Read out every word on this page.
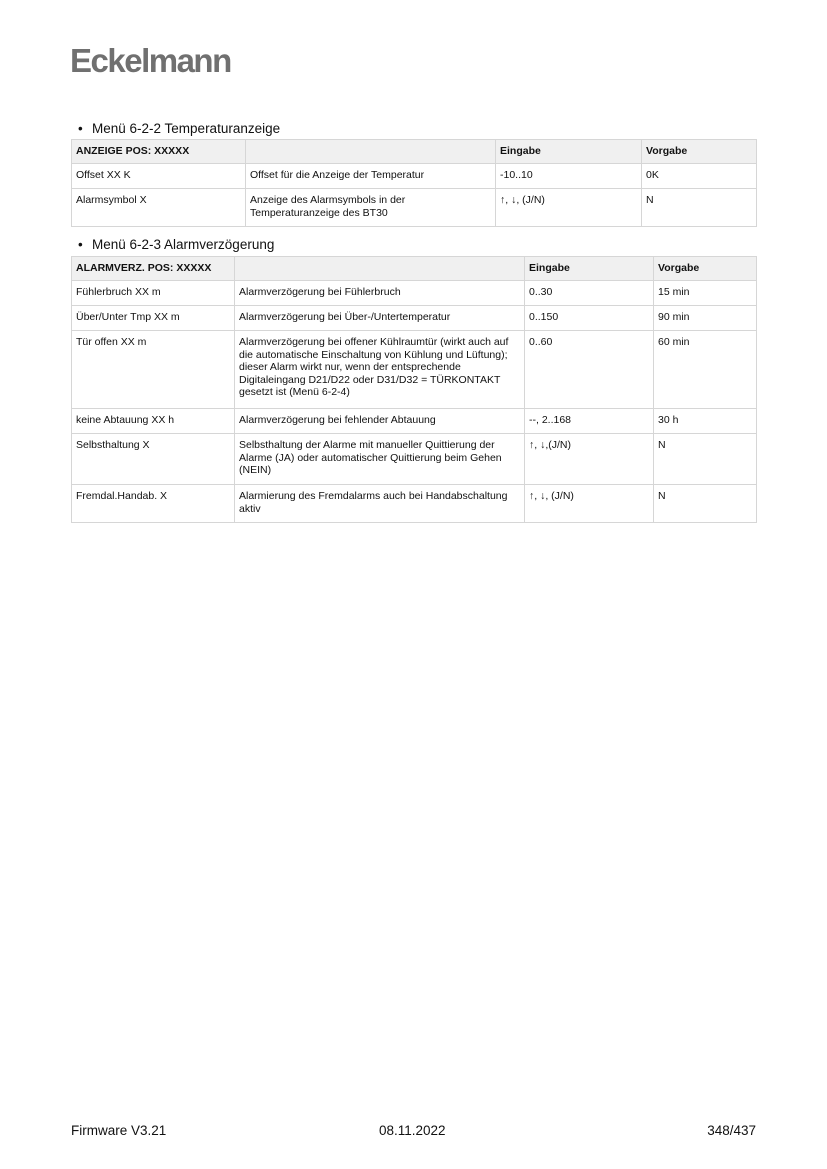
Eckelmann
• Menü 6-2-2 Temperaturanzeige
ANZEIGE POS: XXXXX		Eingabe	Vorgabe
Offset XX K	Offset für die Anzeige der Temperatur	-10..10	0K
Alarmsymbol X	Anzeige des Alarmsymbols in der Temperaturanzeige des BT30	↑, ↓, (J/N)	N
• Menü 6-2-3 Alarmverzögerung
ALARMVERZ. POS: XXXXX		Eingabe	Vorgabe
Fühlerbruch XX m	Alarmverzögerung bei Fühlerbruch	0..30	15 min
Über/Unter Tmp XX m	Alarmverzögerung bei Über-/Untertemperatur	0..150	90 min
Tür offen XX m	Alarmverzögerung bei offener Kühlraumtür (wirkt auch auf die automatische Einschaltung von Kühlung und Lüftung); dieser Alarm wirkt nur, wenn der entsprechende Digitaleingang D21/D22 oder D31/D32 = TÜRKONTAKT gesetzt ist (Menü 6-2-4)	0..60	60 min
keine Abtauung XX h	Alarmverzögerung bei fehlender Abtauung	--, 2..168	30 h
Selbsthaltung X	Selbsthaltung der Alarme mit manueller Quittierung der Alarme (JA) oder automatischer Quittierung beim Gehen (NEIN)	↑, ↓,(J/N)	N
Fremdal.Handab. X	Alarmierung des Fremdalarms auch bei Handabschaltung aktiv	↑, ↓, (J/N)	N
Firmware V3.21	08.11.2022	348/437
